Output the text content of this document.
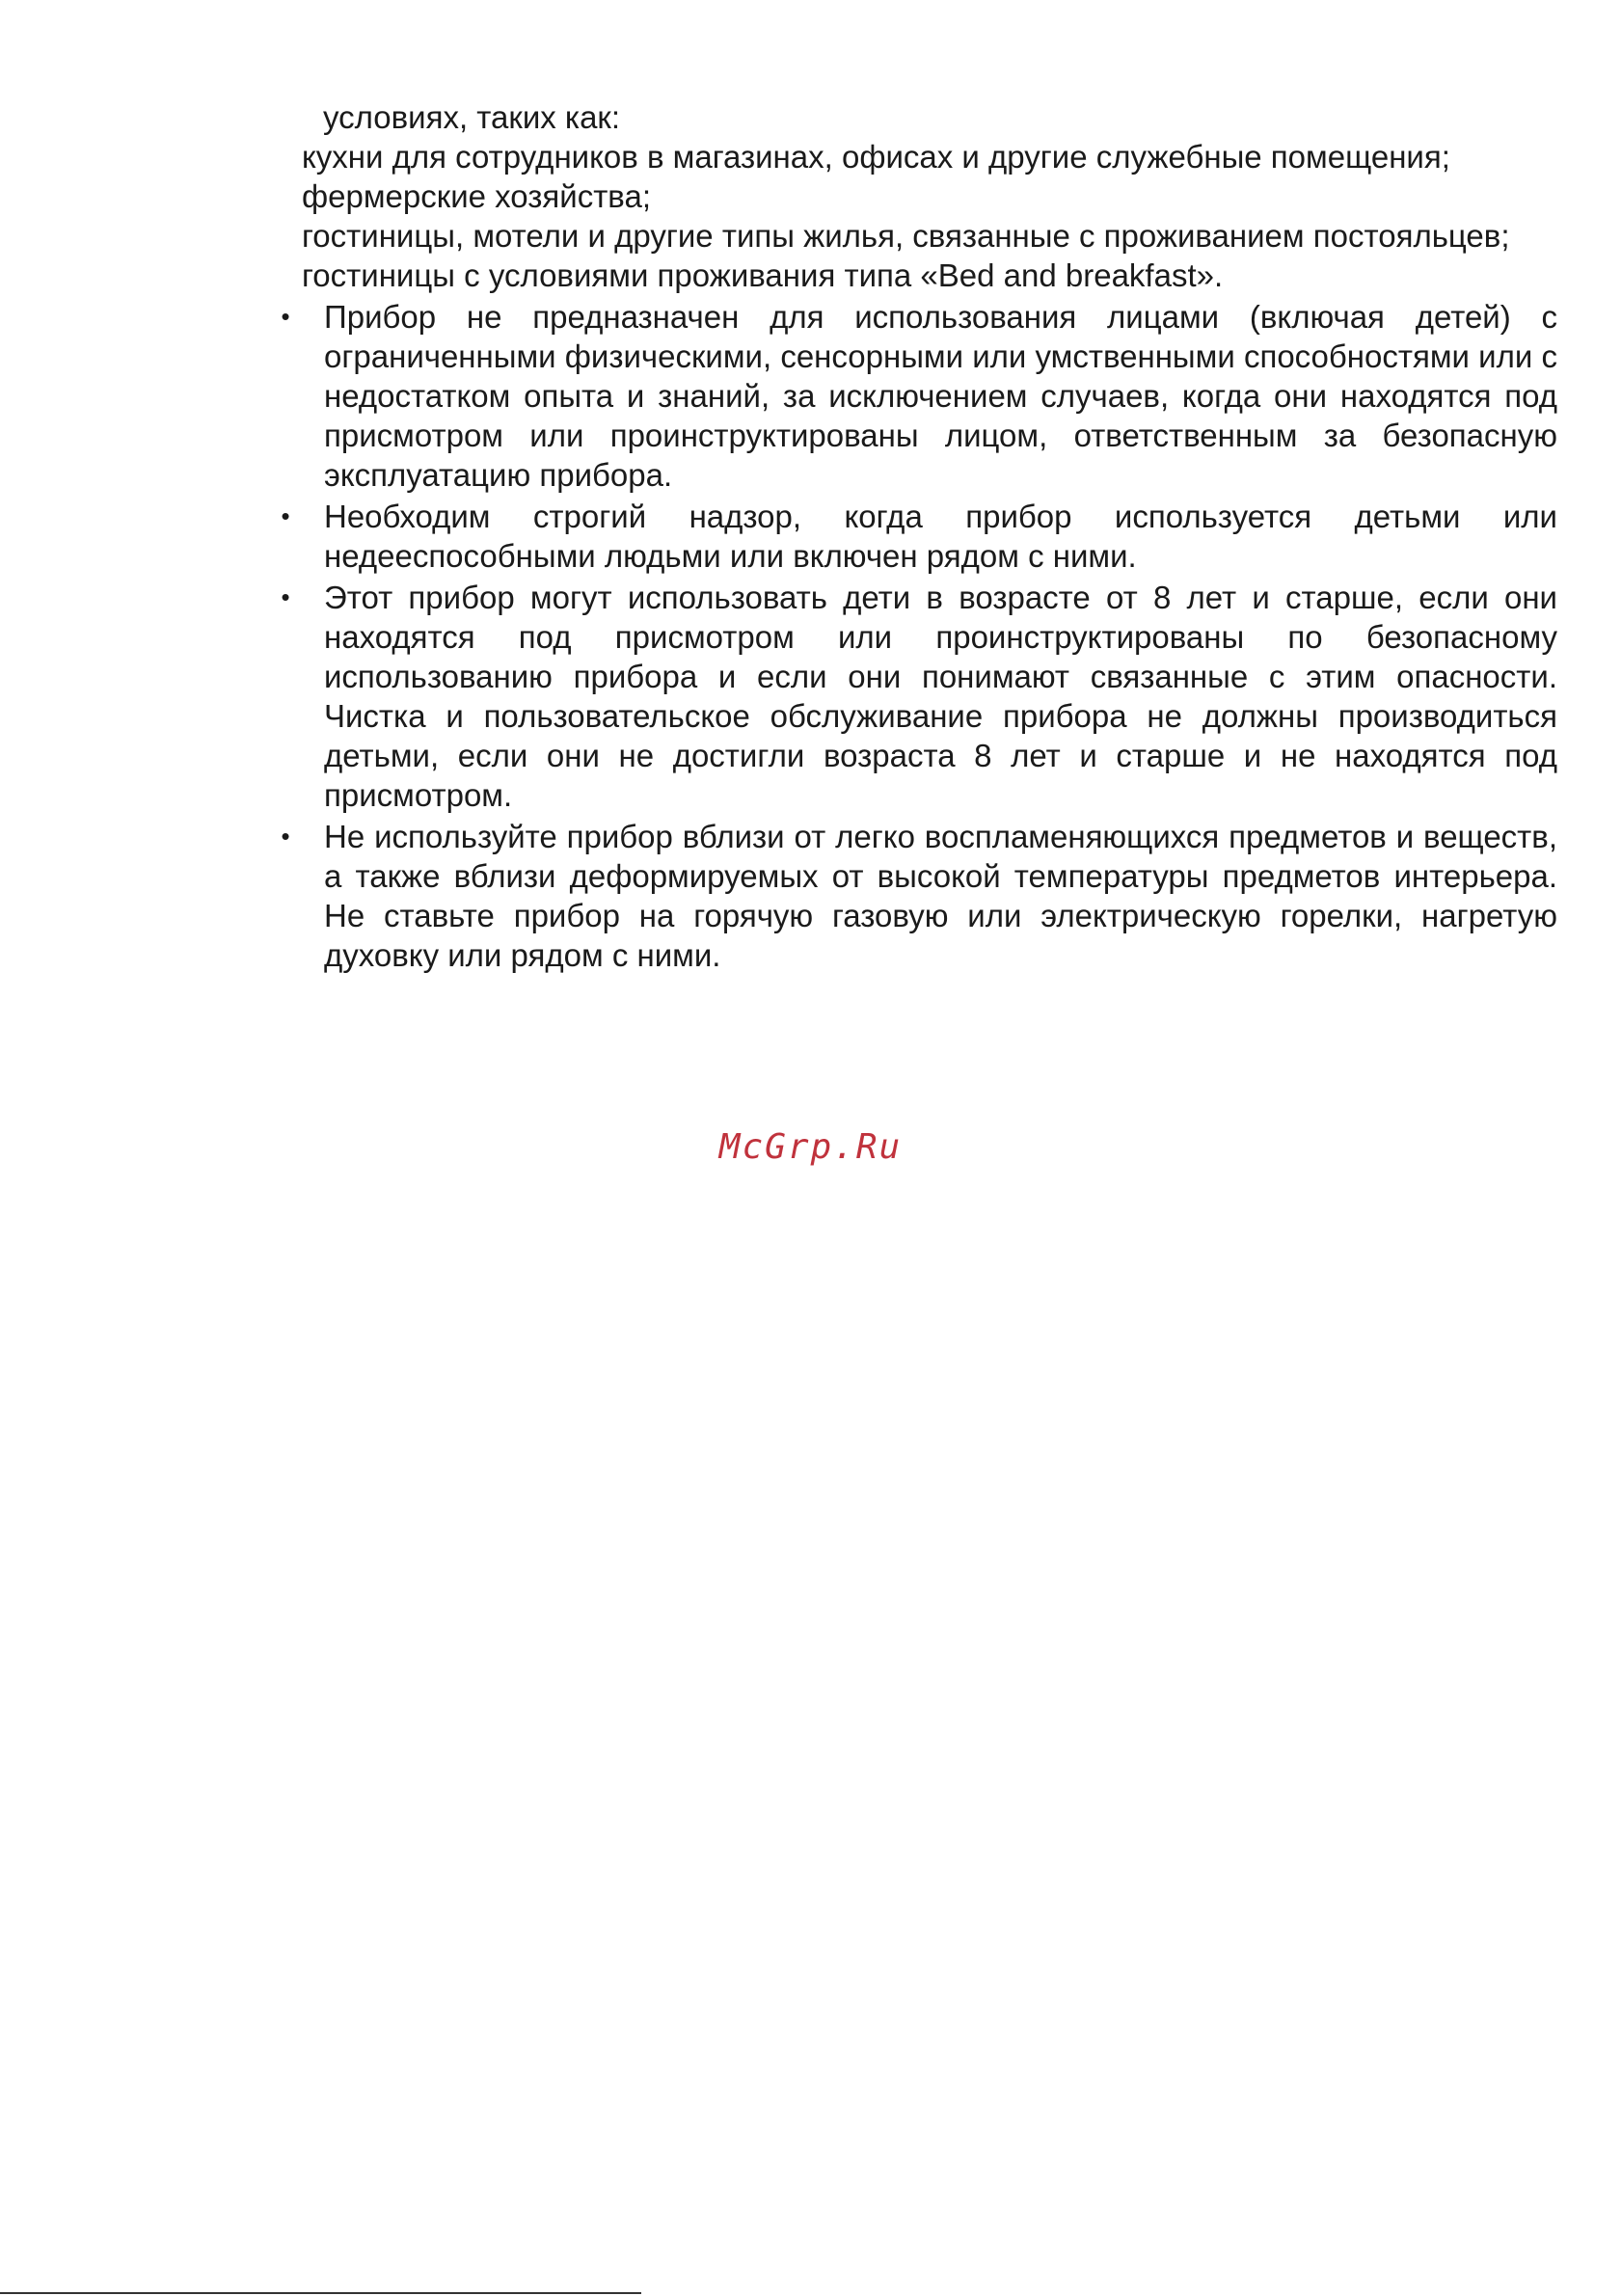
условиях, таких как:
кухни для сотрудников в магазинах, офисах и другие служебные помещения;
фермерские хозяйства;
гостиницы, мотели и другие типы жилья, связанные с проживанием постояльцев;
гостиницы с условиями проживания типа «Bed and breakfast».
• Прибор не предназначен для использования лицами (включая детей) с ограниченными физическими, сенсорными или умственными способностями или с недостатком опыта и знаний, за исключением случаев, когда они находятся под присмотром или проинструктированы лицом, ответственным за безопасную эксплуатацию прибора.
• Необходим строгий надзор, когда прибор используется детьми или недееспособными людьми или включен рядом с ними.
• Этот прибор могут использовать дети в возрасте от 8 лет и старше, если они находятся под присмотром или проинструктированы по безопасному использованию прибора и если они понимают связанные с этим опасности. Чистка и пользовательское обслуживание прибора не должны производиться детьми, если они не достигли возраста 8 лет и старше и не находятся под присмотром.
• Не используйте прибор вблизи от легко воспламеняющихся предметов и веществ, а также вблизи деформируемых от высокой температуры предметов интерьера. Не ставьте прибор на горячую газовую или электрическую горелки, нагретую духовку или рядом с ними.
McGrp.Ru
